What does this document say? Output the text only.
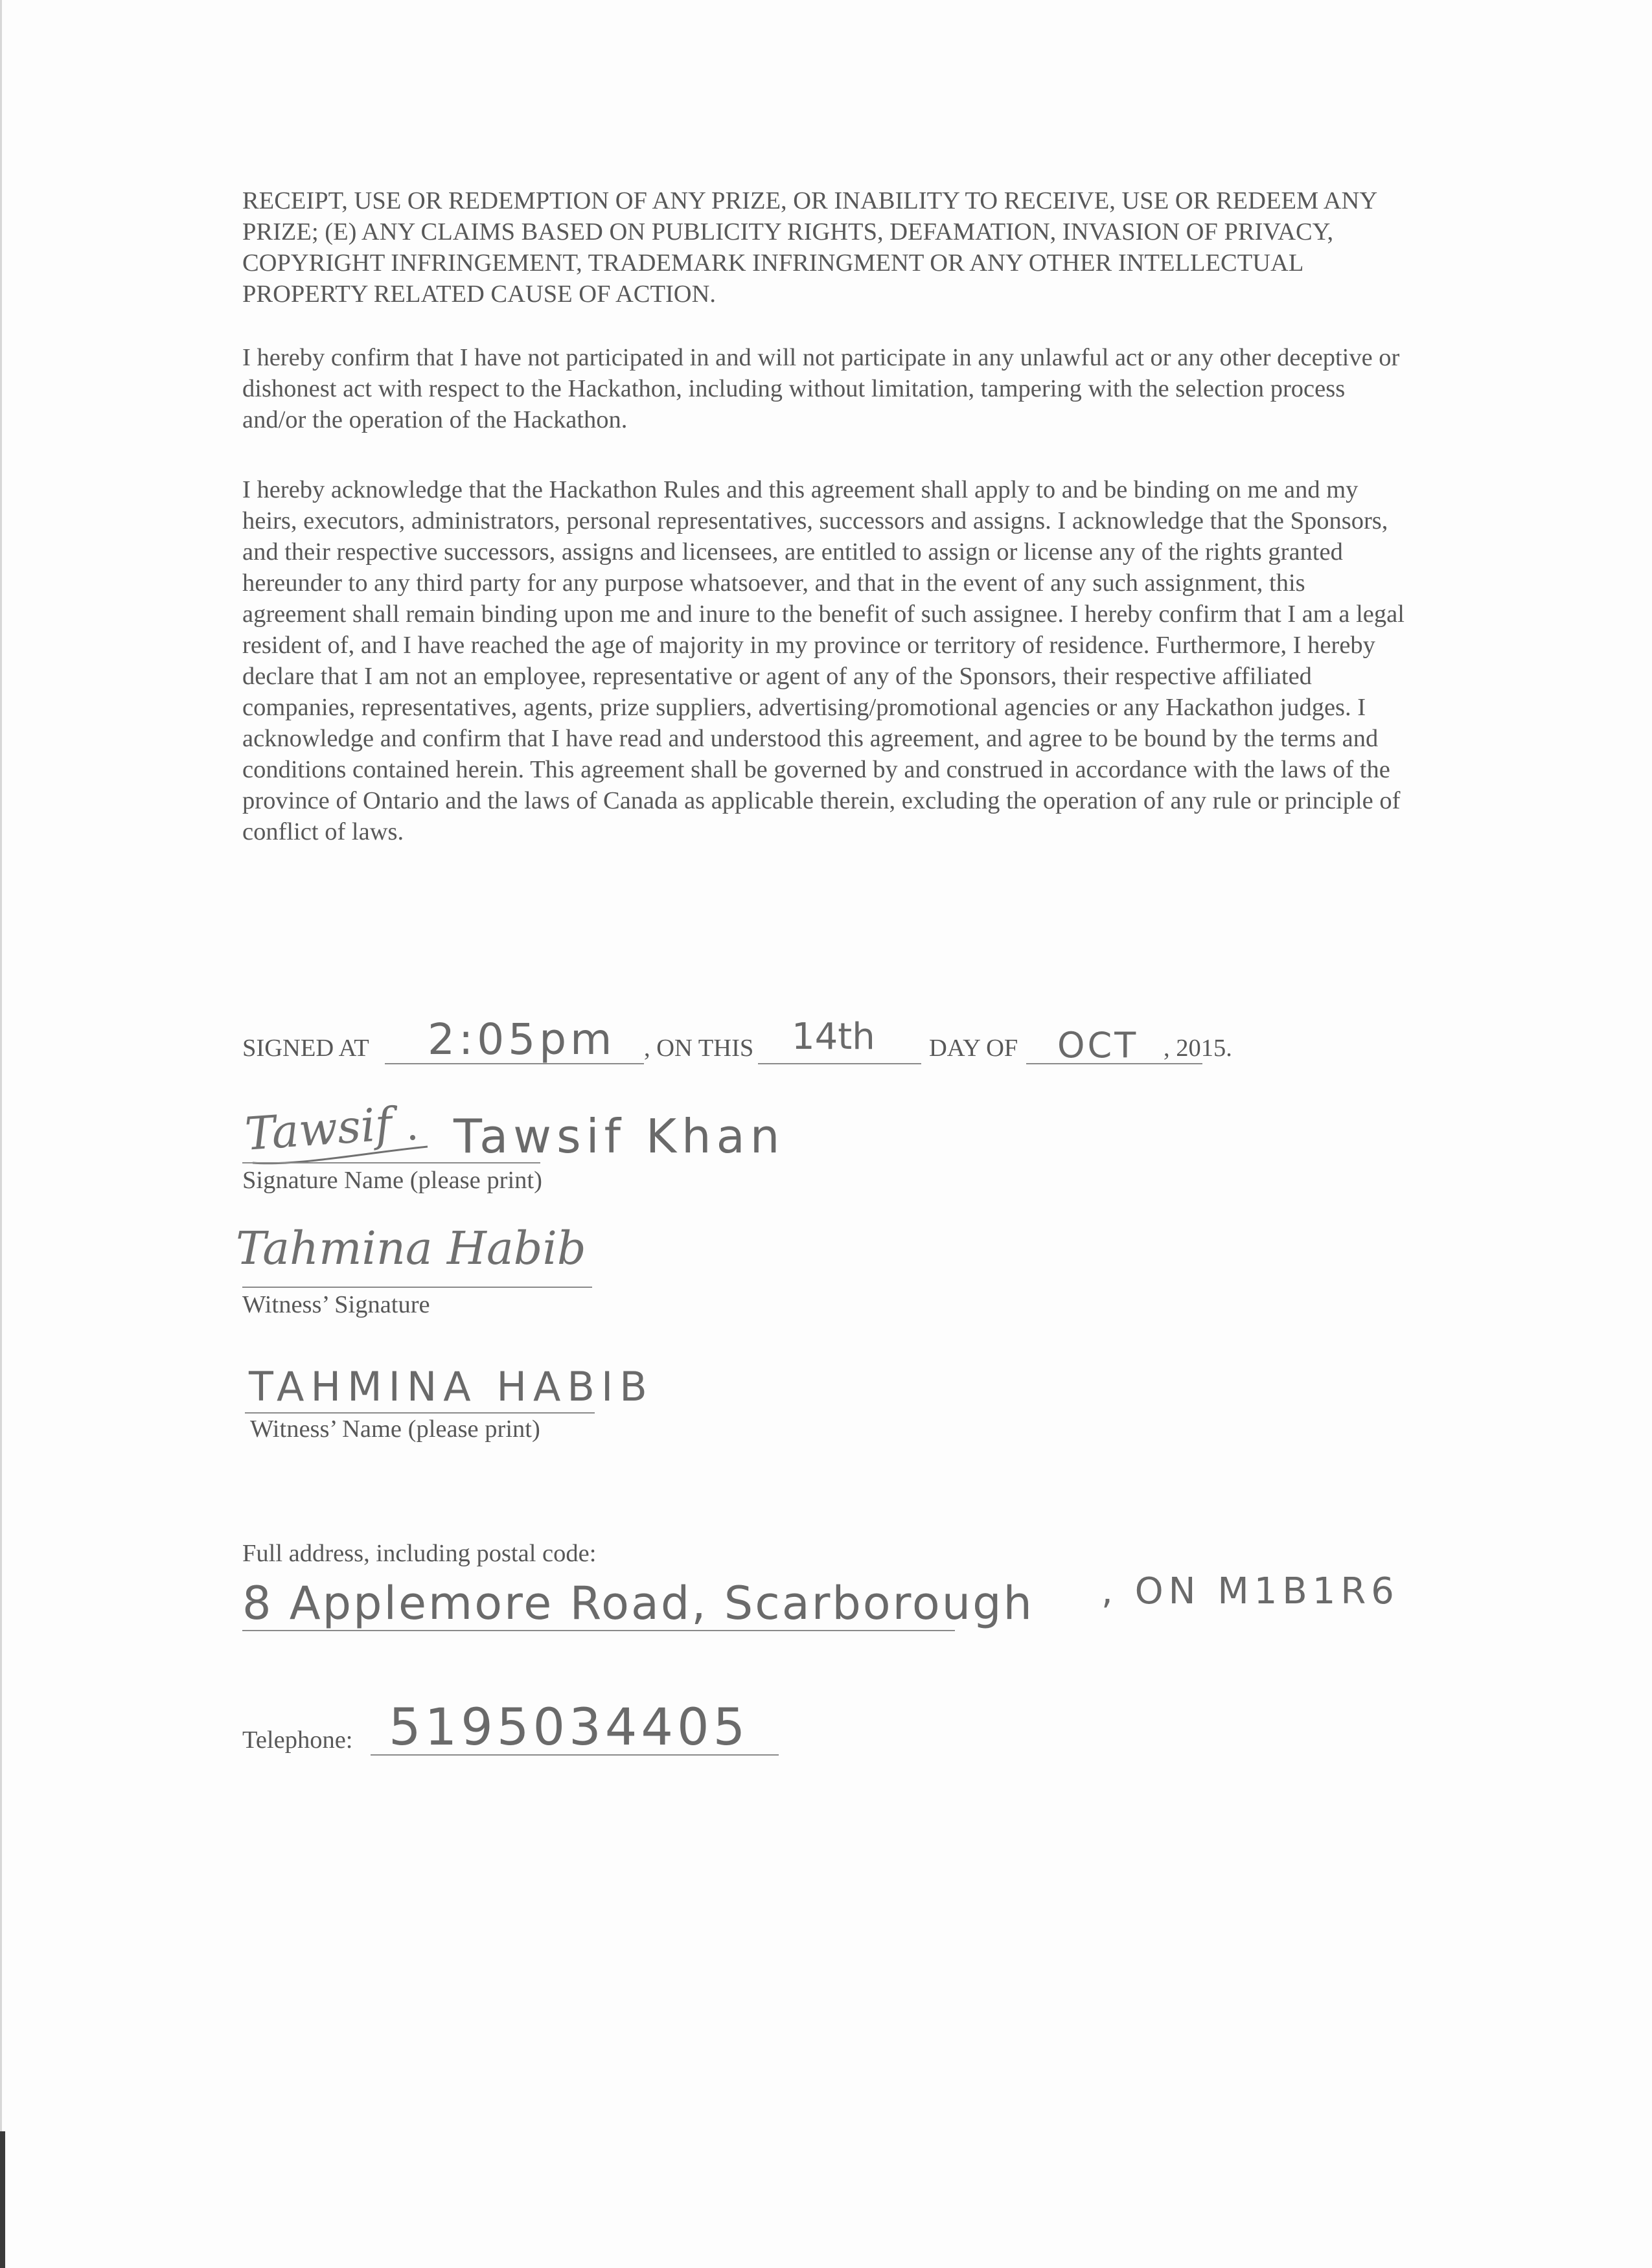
RECEIPT, USE OR REDEMPTION OF ANY PRIZE, OR INABILITY TO RECEIVE, USE OR REDEEM ANY PRIZE; (E) ANY CLAIMS BASED ON PUBLICITY RIGHTS, DEFAMATION, INVASION OF PRIVACY, COPYRIGHT INFRINGEMENT, TRADEMARK INFRINGMENT OR ANY OTHER INTELLECTUAL PROPERTY RELATED CAUSE OF ACTION.

I hereby confirm that I have not participated in and will not participate in any unlawful act or any other deceptive or dishonest act with respect to the Hackathon, including without limitation, tampering with the selection process and/or the operation of the Hackathon.

I hereby acknowledge that the Hackathon Rules and this agreement shall apply to and be binding on me and my heirs, executors, administrators, personal representatives, successors and assigns. I acknowledge that the Sponsors, and their respective successors, assigns and licensees, are entitled to assign or license any of the rights granted hereunder to any third party for any purpose whatsoever, and that in the event of any such assignment, this agreement shall remain binding upon me and inure to the benefit of such assignee. I hereby confirm that I am a legal resident of, and I have reached the age of majority in my province or territory of residence. Furthermore, I hereby declare that I am not an employee, representative or agent of any of the Sponsors, their respective affiliated companies, representatives, agents, prize suppliers, advertising/promotional agencies or any Hackathon judges. I acknowledge and confirm that I have read and understood this agreement, and agree to be bound by the terms and conditions contained herein. This agreement shall be governed by and construed in accordance with the laws of the province of Ontario and the laws of Canada as applicable therein, excluding the operation of any rule or principle of conflict of laws.

SIGNED AT 2:05pm , ON THIS 14th DAY OF OCT , 2015.
Tawsif Tawsif Khan
Signature Name (please print)
Tahmina Habib
Witness’ Signature
TAHMINA HABIB
Witness’ Name (please print)
Full address, including postal code:
8 Applemore Road, Scarborough , ON M1B1R6
Telephone: 5195034405
